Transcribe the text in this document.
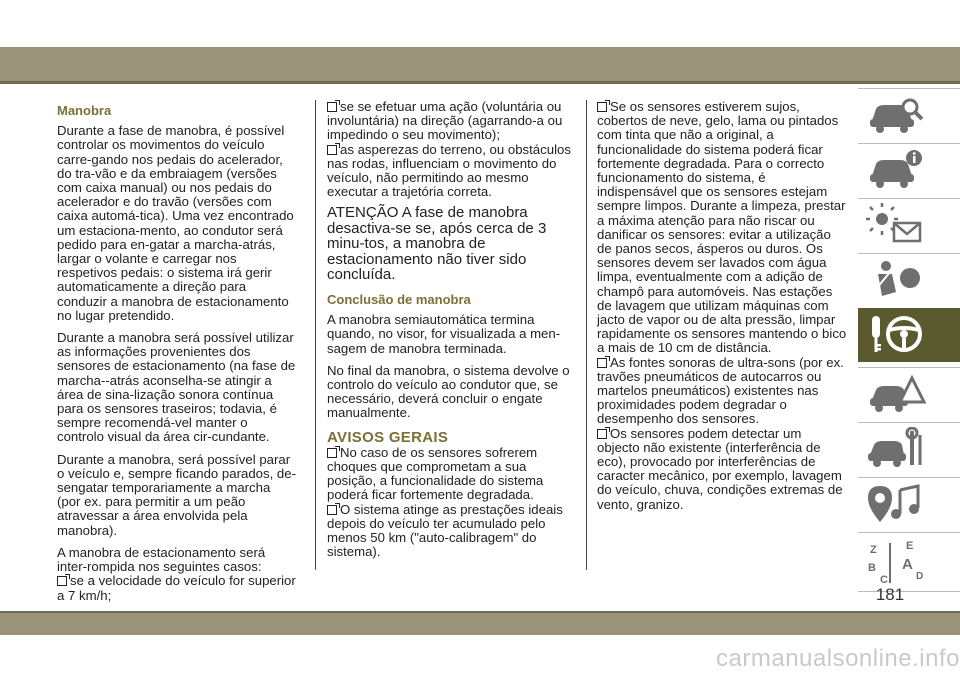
Manobra

Durante a fase de manobra, é possível controlar os movimentos do veículo carre-gando nos pedais do acelerador, do tra-vão e da embraiagem (versões com caixa manual) ou nos pedais do acelerador e do travão (versões com caixa automá-tica). Uma vez encontrado um estaciona-mento, ao condutor será pedido para en-gatar a marcha-atrás, largar o volante e carregar nos respetivos pedais: o sistema irá gerir automaticamente a direção para conduzir a manobra de estacionamento no lugar pretendido.

Durante a manobra será possível utilizar as informações provenientes dos sensores de estacionamento (na fase de marcha--atrás aconselha-se atingir a área de sina-lização sonora contínua para os sensores traseiros; todavia, é sempre recomendá-vel manter o controlo visual da área cir-cundante.

Durante a manobra, será possível parar o veículo e, sempre ficando parados, de-sengatar temporariamente a marcha (por ex. para permitir a um peão atravessar a área envolvida pela manobra).

A manobra de estacionamento será inter-rompida nos seguintes casos:

se a velocidade do veículo for superior a 7 km/h;
se se efetuar uma ação (voluntária ou involuntária) na direção (agarrando-a ou impedindo o seu movimento);
as asperezas do terreno, ou obstáculos nas rodas, influenciam o movimento do veículo, não permitindo ao mesmo executar a trajetória correta.
ATENÇÃO A fase de manobra desactiva-se se, após cerca de 3 minu-tos, a manobra de estacionamento não tiver sido concluída.
Conclusão de manobra

A manobra semiautomática termina quando, no visor, for visualizada a men-sagem de manobra terminada.

No final da manobra, o sistema devolve o controlo do veículo ao condutor que, se necessário, deverá concluir o engate manualmente.

AVISOS GERAIS
No caso de os sensores sofrerem choques que comprometam a sua posição, a funcionalidade do sistema poderá ficar fortemente degradada.
O sistema atinge as prestações ideais depois do veículo ter acumulado pelo menos 50 km ("auto-calibragem" do sistema).
Se os sensores estiverem sujos, cobertos de neve, gelo, lama ou pintados com tinta que não a original, a funcionalidade do sistema poderá ficar fortemente degradada. Para o correcto funcionamento do sistema, é indispensável que os sensores estejam sempre limpos. Durante a limpeza, prestar a máxima atenção para não riscar ou danificar os sensores: evitar a utilização de panos secos, ásperos ou duros. Os sensores devem ser lavados com água limpa, eventualmente com a adição de champô para automóveis. Nas estações de lavagem que utilizam máquinas com jacto de vapor ou de alta pressão, limpar rapidamente os sensores mantendo o bico a mais de 10 cm de distância.
As fontes sonoras de ultra-sons (por ex. travões pneumáticos de autocarros ou martelos pneumáticos) existentes nas proximidades podem degradar o desempenho dos sensores.
Os sensores podem detectar um objecto não existente (interferência de eco), provocado por interferências de caracter mecânico, por exemplo, lavagem do veículo, chuva, condições extremas de vento, granizo.
Z	E
B A
C	D
181
carmanualsonline.info
